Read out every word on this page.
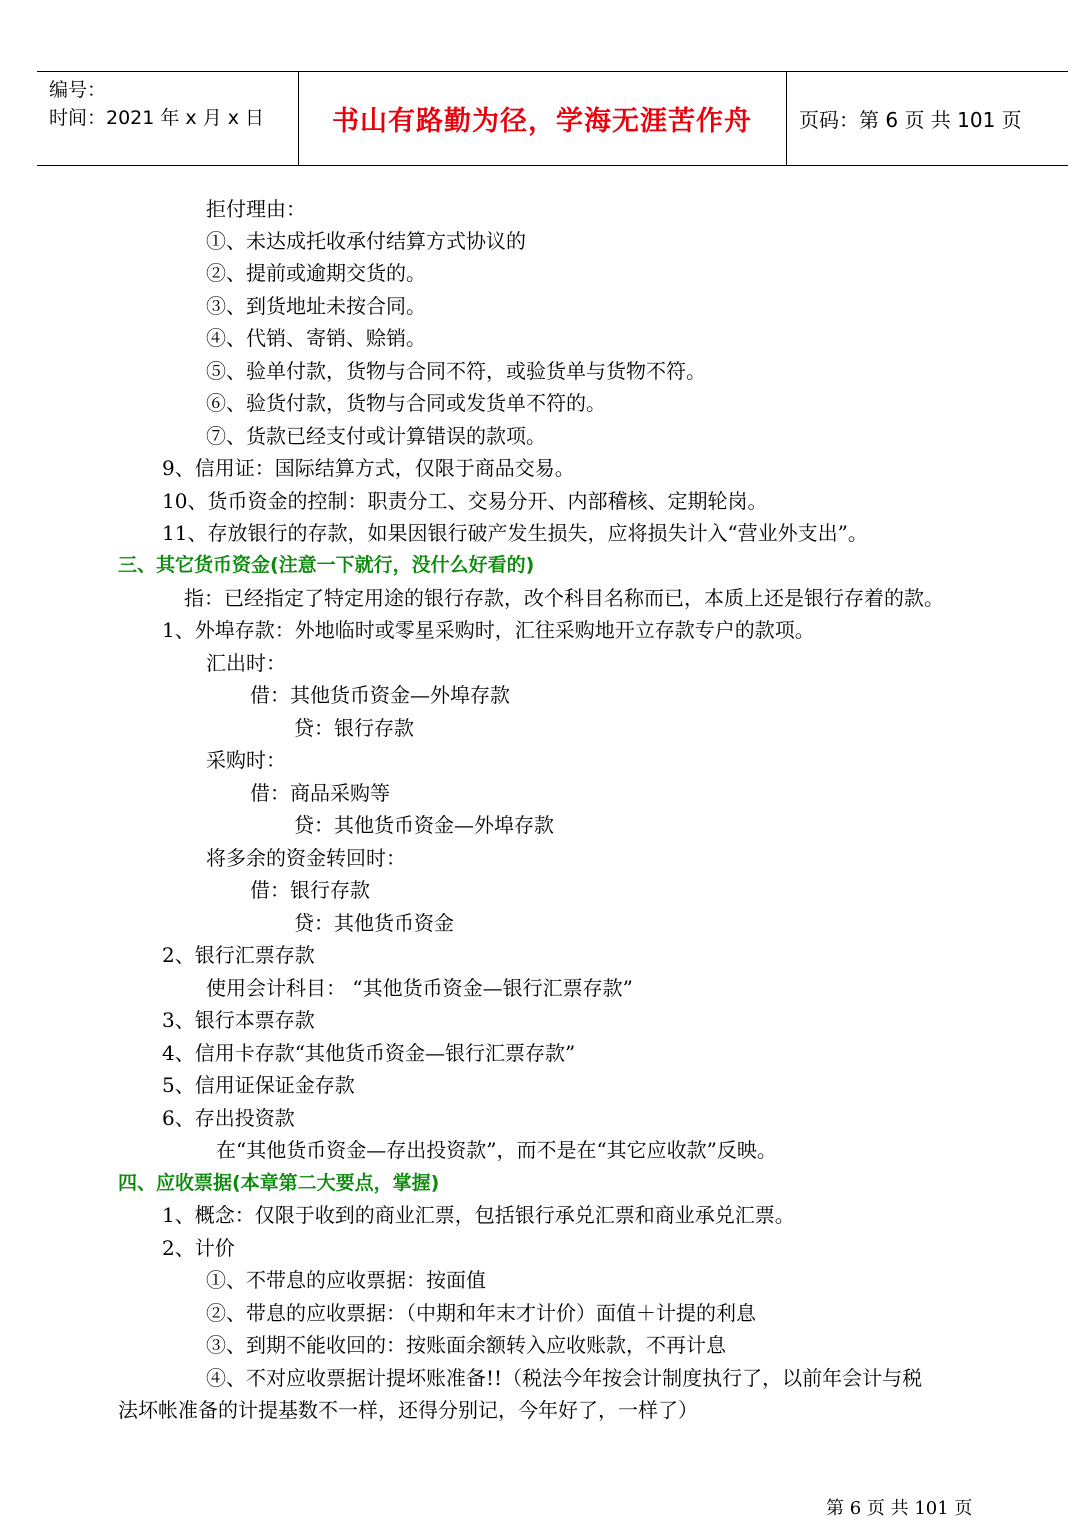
编号：
时间：2021 年 x 月 x 日	书山有路勤为径，学海无涯苦作舟	页码：第 6 页 共 101 页
拒付理由：
①、未达成托收承付结算方式协议的
②、提前或逾期交货的。
③、到货地址未按合同。
④、代销、寄销、赊销。
⑤、验单付款，货物与合同不符，或验货单与货物不符。
⑥、验货付款，货物与合同或发货单不符的。
⑦、货款已经支付或计算错误的款项。
9、信用证：国际结算方式，仅限于商品交易。
10、货币资金的控制：职责分工、交易分开、内部稽核、定期轮岗。
11、存放银行的存款，如果因银行破产发生损失，应将损失计入“营业外支出”。
三、其它货币资金(注意一下就行，没什么好看的)
指：已经指定了特定用途的银行存款，改个科目名称而已，本质上还是银行存着的款。
1、外埠存款：外地临时或零星采购时，汇往采购地开立存款专户的款项。
汇出时：
借：其他货币资金—外埠存款
贷：银行存款
采购时：
借：商品采购等
贷：其他货币资金—外埠存款
将多余的资金转回时：
借：银行存款
贷：其他货币资金
2、银行汇票存款
使用会计科目： “其他货币资金—银行汇票存款”
3、银行本票存款
4、信用卡存款“其他货币资金—银行汇票存款”
5、信用证保证金存款
6、存出投资款
在“其他货币资金—存出投资款”，而不是在“其它应收款”反映。
四、应收票据(本章第二大要点，掌握)
1、概念：仅限于收到的商业汇票，包括银行承兑汇票和商业承兑汇票。
2、计价
①、不带息的应收票据：按面值
②、带息的应收票据：（中期和年末才计价）面值＋计提的利息
③、到期不能收回的：按账面余额转入应收账款，不再计息
④、不对应收票据计提坏账准备!!（税法今年按会计制度执行了，以前年会计与税
法坏帐准备的计提基数不一样，还得分别记，今年好了，一样了）
第 6 页 共 101 页
